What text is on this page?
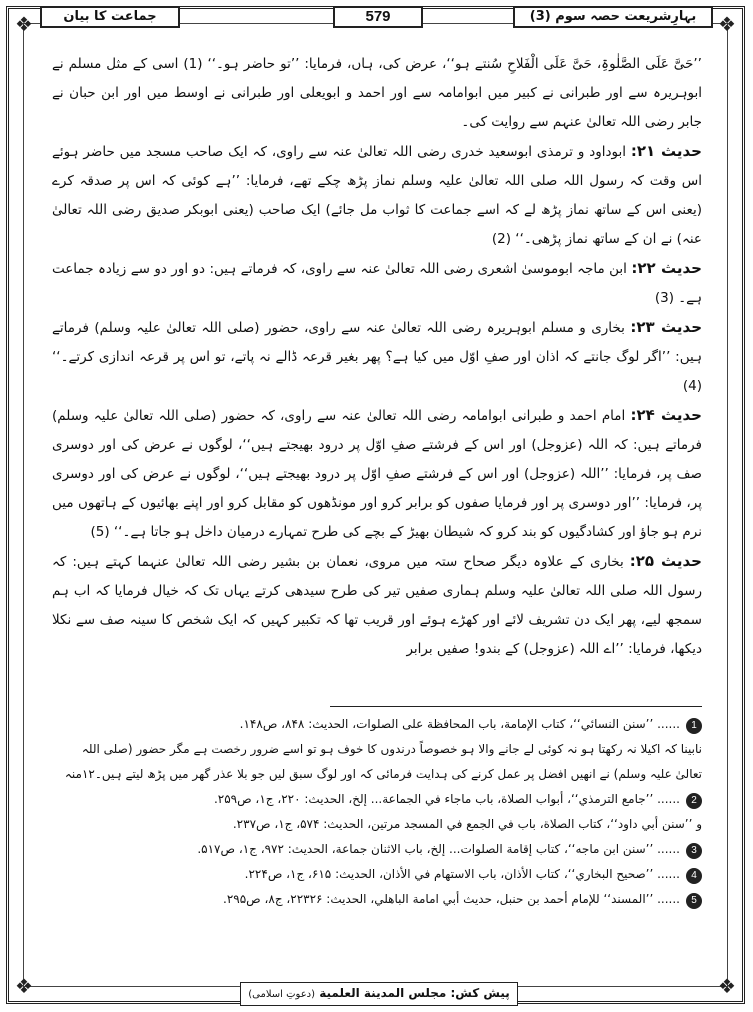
❖	❖
❖	❖
بہارِشریعت حصہ سوم (3)
579
جماعت کا بیان

’’حَیَّ عَلَی الصَّلٰوۃِ، حَیَّ عَلَی الْفَلاحِ سُنتے ہو‘‘، عرض کی، ہاں، فرمایا: ’’تو حاضر ہو۔‘‘ (1) اسی کے مثل مسلم نے ابوہریرہ سے اور طبرانی نے کبیر میں ابوامامہ سے اور احمد و ابویعلی اور طبرانی نے اوسط میں اور ابن حبان نے جابر رضی اللہ تعالیٰ عنہم سے روایت کی۔

حدیث ۲۱: ابوداود و ترمذی ابوسعید خدری رضی اللہ تعالیٰ عنہ سے راوی، کہ ایک صاحب مسجد میں حاضر ہوئے اس وقت کہ رسول اللہ صلی اللہ تعالیٰ علیہ وسلم نماز پڑھ چکے تھے، فرمایا: ’’ہے کوئی کہ اس پر صدقہ کرے (یعنی اس کے ساتھ نماز پڑھ لے کہ اسے جماعت کا ثواب مل جائے) ایک صاحب (یعنی ابوبکر صدیق رضی اللہ تعالیٰ عنہ) نے ان کے ساتھ نماز پڑھی۔‘‘ (2)

حدیث ۲۲: ابن ماجہ ابوموسیٰ اشعری رضی اللہ تعالیٰ عنہ سے راوی، کہ فرماتے ہیں: دو اور دو سے زیادہ جماعت ہے۔ (3)

حدیث ۲۳: بخاری و مسلم ابوہریرہ رضی اللہ تعالیٰ عنہ سے راوی، حضور (صلی اللہ تعالیٰ علیہ وسلم) فرماتے ہیں: ’’اگر لوگ جانتے کہ اذان اور صفِ اوّل میں کیا ہے؟ پھر بغیر قرعہ ڈالے نہ پاتے، تو اس پر قرعہ اندازی کرتے۔‘‘ (4)

حدیث ۲۴: امام احمد و طبرانی ابوامامہ رضی اللہ تعالیٰ عنہ سے راوی، کہ حضور (صلی اللہ تعالیٰ علیہ وسلم) فرماتے ہیں: کہ اللہ (عزوجل) اور اس کے فرشتے صفِ اوّل پر درود بھیجتے ہیں‘‘، لوگوں نے عرض کی اور دوسری صف پر، فرمایا: ’’اللہ (عزوجل) اور اس کے فرشتے صفِ اوّل پر درود بھیجتے ہیں‘‘، لوگوں نے عرض کی اور دوسری پر، فرمایا: ’’اور دوسری پر اور فرمایا صفوں کو برابر کرو اور مونڈھوں کو مقابل کرو اور اپنے بھائیوں کے ہاتھوں میں نرم ہو جاؤ اور کشادگیوں کو بند کرو کہ شیطان بھیڑ کے بچے کی طرح تمہارے درمیان داخل ہو جاتا ہے۔‘‘ (5)

حدیث ۲۵: بخاری کے علاوہ دیگر صحاح ستہ میں مروی، نعمان بن بشیر رضی اللہ تعالیٰ عنہما کہتے ہیں: کہ رسول اللہ صلی اللہ تعالیٰ علیہ وسلم ہماری صفیں تیر کی طرح سیدھی کرتے یہاں تک کہ خیال فرمایا کہ اب ہم سمجھ لیے، پھر ایک دن تشریف لائے اور کھڑے ہوئے اور قریب تھا کہ تکبیر کہیں کہ ایک شخص کا سینہ صف سے نکلا دیکھا، فرمایا: ’’اے اللہ (عزوجل) کے بندو! صفیں برابر

1...... ’’سنن النسائي‘‘، کتاب الإمامة، باب المحافظة علی الصلوات، الحدیث: ۸۴۸، ص۱۴۸.

نابینا کہ اکیلا نہ رکھتا ہو نہ کوئی لے جانے والا ہو خصوصاً درندوں کا خوف ہو تو اسے ضرور رخصت ہے مگر حضور (صلی اللہ تعالیٰ علیہ وسلم) نے انھیں افضل پر عمل کرنے کی ہدایت فرمائی کہ اور لوگ سبق لیں جو بلا عذر گھر میں پڑھ لیتے ہیں۔۱۲منہ

2...... ’’جامع الترمذي‘‘، أبواب الصلاة، باب ماجاء في الجماعة... إلخ، الحدیث: ۲۲۰، ج۱، ص۲۵۹.

و ’’سنن أبي داود‘‘، کتاب الصلاة، باب في الجمع في المسجد مرتین، الحدیث: ۵۷۴، ج۱، ص۲۳۷.

3...... ’’سنن ابن ماجه‘‘، کتاب إقامة الصلوات... إلخ، باب الاثنان جماعة، الحدیث: ۹۷۲، ج۱، ص۵۱۷.

4...... ’’صحیح البخاري‘‘، کتاب الأذان، باب الاستهام في الأذان، الحدیث: ۶۱۵، ج۱، ص۲۲۴.

5...... ’’المسند‘‘ للإمام أحمد بن حنبل، حدیث أبي امامة الباهلي، الحدیث: ۲۲۳۲۶، ج۸، ص۲۹۵.

پیش کش: مجلس المدینة العلمیة (دعوتِ اسلامی)
